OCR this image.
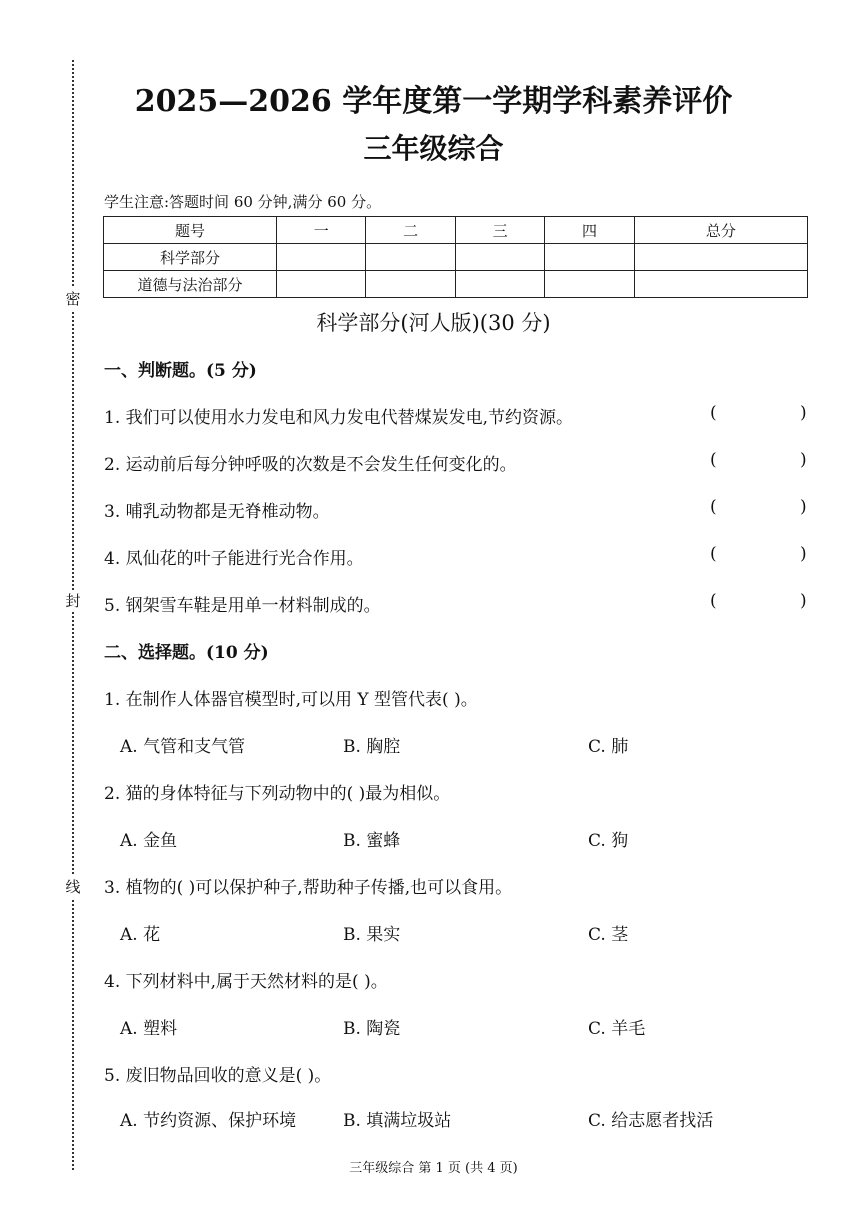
密
封
线
2025—2026 学年度第一学期学科素养评价
三年级综合
学生注意:答题时间 60 分钟,满分 60 分。
题号	一	二	三	四	总分
科学部分					
道德与法治部分					
科学部分(河人版)(30 分)
一、判断题。(5 分)
1. 我们可以使用水力发电和风力发电代替煤炭发电,节约资源。	(	)
2. 运动前后每分钟呼吸的次数是不会发生任何变化的。	(	)
3. 哺乳动物都是无脊椎动物。	(	)
4. 凤仙花的叶子能进行光合作用。	(	)
5. 钢架雪车鞋是用单一材料制成的。	(	)
二、选择题。(10 分)
1. 在制作人体器官模型时,可以用 Y 型管代表( )。
A. 气管和支气管	B. 胸腔	C. 肺
2. 猫的身体特征与下列动物中的( )最为相似。
A. 金鱼	B. 蜜蜂	C. 狗
3. 植物的( )可以保护种子,帮助种子传播,也可以食用。
A. 花	B. 果实	C. 茎
4. 下列材料中,属于天然材料的是( )。
A. 塑料	B. 陶瓷	C. 羊毛
5. 废旧物品回收的意义是( )。
A. 节约资源、保护环境	B. 填满垃圾站	C. 给志愿者找活
三年级综合 第 1 页 (共 4 页)
